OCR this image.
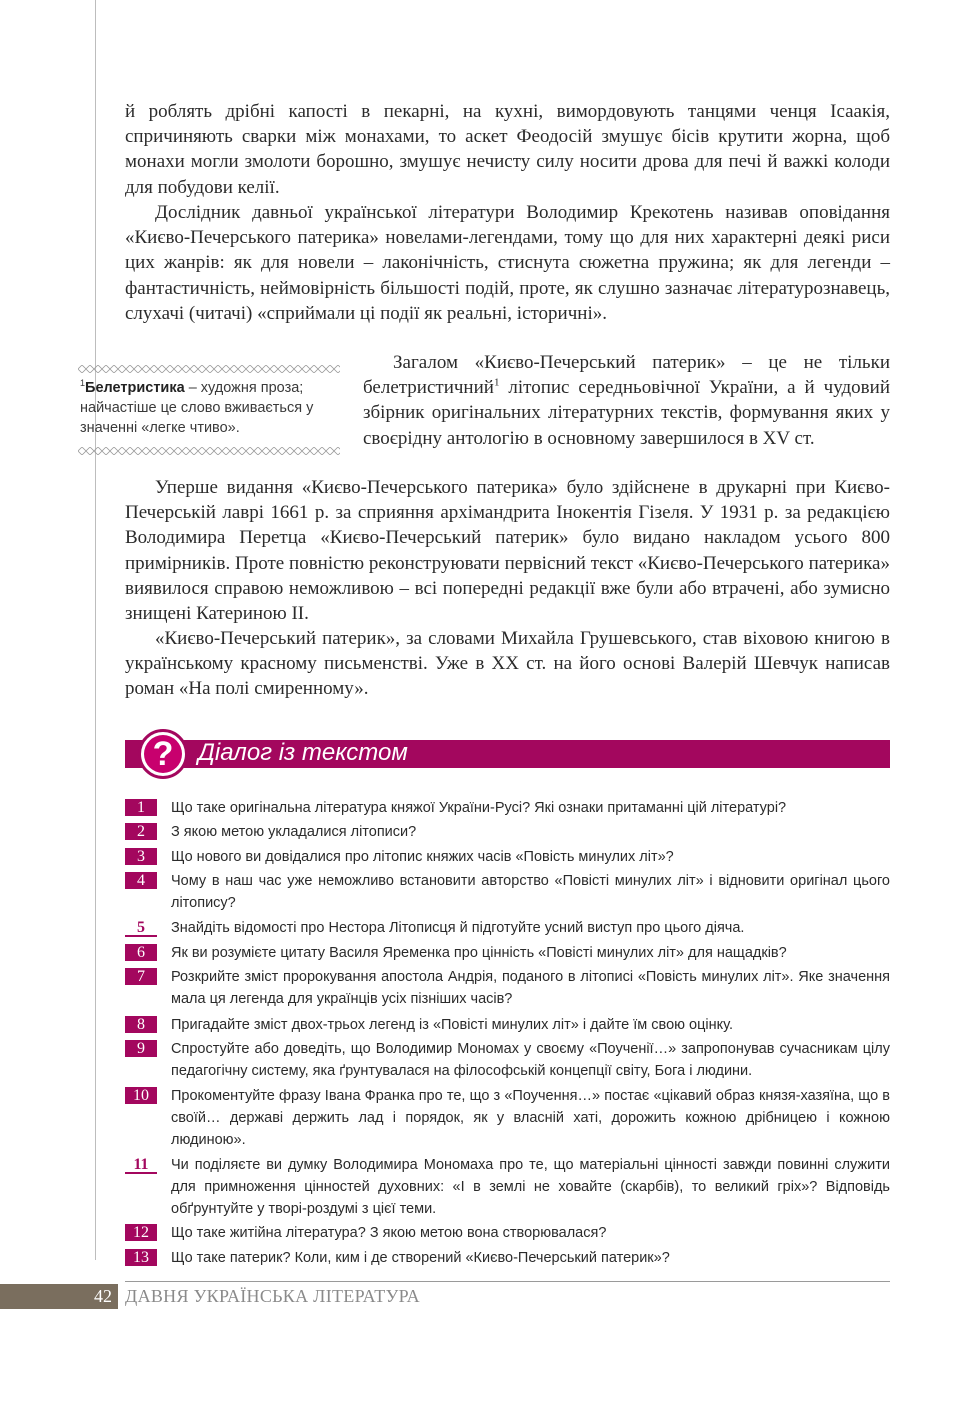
й роблять дрібні капості в пекарні, на кухні, вимордовують танцями ченця Ісаакія, спричиняють сварки між монахами, то аскет Феодосій змушує бісів крутити жорна, щоб монахи могли змолоти борошно, змушує нечисту силу носити дрова для печі й важкі колоди для побудови келії.

Дослідник давньої української літератури Володимир Крекотень називав оповідання «Києво-Печерського патерика» новелами-легендами, тому що для них характерні деякі риси цих жанрів: як для новели – лаконічність, стиснута сюжетна пружина; як для легенди – фантастичність, неймовірність більшості подій, проте, як слушно зазначає літературознавець, слухачі (читачі) «сприймали ці події як реальні, історичні».

$^1$Белетристика – художня проза; найчастіше це слово вживається у значенні «легке чтиво».

Загалом «Києво-Печерський патерик» – це не тільки белетристичний$^1$ літопис середньовічної України, а й чудовий збірник оригінальних літературних текстів, формування яких у своєрідну антологію в основному завершилося в XV ст.

Уперше видання «Києво-Печерського патерика» було здійснене в друкарні при Києво-Печерській лаврі 1661 р. за сприяння архімандрита Інокентія Гізеля. У 1931 р. за редакцією Володимира Перетца «Києво-Печерський патерик» було видано накладом усього 800 примірників. Проте повністю реконструювати первісний текст «Києво-Печерського патерика» виявилося справою неможливою – всі попередні редакції вже були або втрачені, або зумисно знищені Катериною II.

«Києво-Печерський патерик», за словами Михайла Грушевського, став віховою книгою в українському красному письменстві. Уже в XX ст. на його основі Валерій Шевчук написав роман «На полі смиренному».

?	Діалог із текстом
1	Що таке оригінальна література княжої України-Русі? Які ознаки притаманні цій літературі?
2	З якою метою укладалися літописи?
3	Що нового ви довідалися про літопис княжих часів «Повість минулих літ»?
4	Чому в наш час уже неможливо встановити авторство «Повісті минулих літ» і відновити оригінал цього літопису?
5	Знайдіть відомості про Нестора Літописця й підготуйте усний виступ про цього діяча.
6	Як ви розумієте цитату Василя Яременка про цінність «Повісті минулих літ» для нащадків?
7	Розкрийте зміст пророкування апостола Андрія, поданого в літописі «Повість минулих літ». Яке значення мала ця легенда для українців усіх пізніших часів?
8	Пригадайте зміст двох-трьох легенд із «Повісті минулих літ» і дайте їм свою оцінку.
9	Спростуйте або доведіть, що Володимир Мономах у своєму «Поученії…» запропонував сучасникам цілу педагогічну систему, яка ґрунтувалася на філософській концепції світу, Бога і людини.
10	Прокоментуйте фразу Івана Франка про те, що з «Поучення…» постає «цікавий образ князя-хазяїна, що в своїй… державі держить лад і порядок, як у власній хаті, дорожить кожною дрібницею і кожною людиною».
11	Чи поділяєте ви думку Володимира Мономаха про те, що матеріальні цінності завжди повинні служити для примноження цінностей духовних: «І в землі не ховайте (скарбів), то великий гріх»? Відповідь обґрунтуйте у творі-роздумі з цієї теми.
12	Що таке житійна література? З якою метою вона створювалася?
13	Що таке патерик? Коли, ким і де створений «Києво-Печерський патерик»?
42 ДАВНЯ УКРАЇНСЬКА ЛІТЕРАТУРА
